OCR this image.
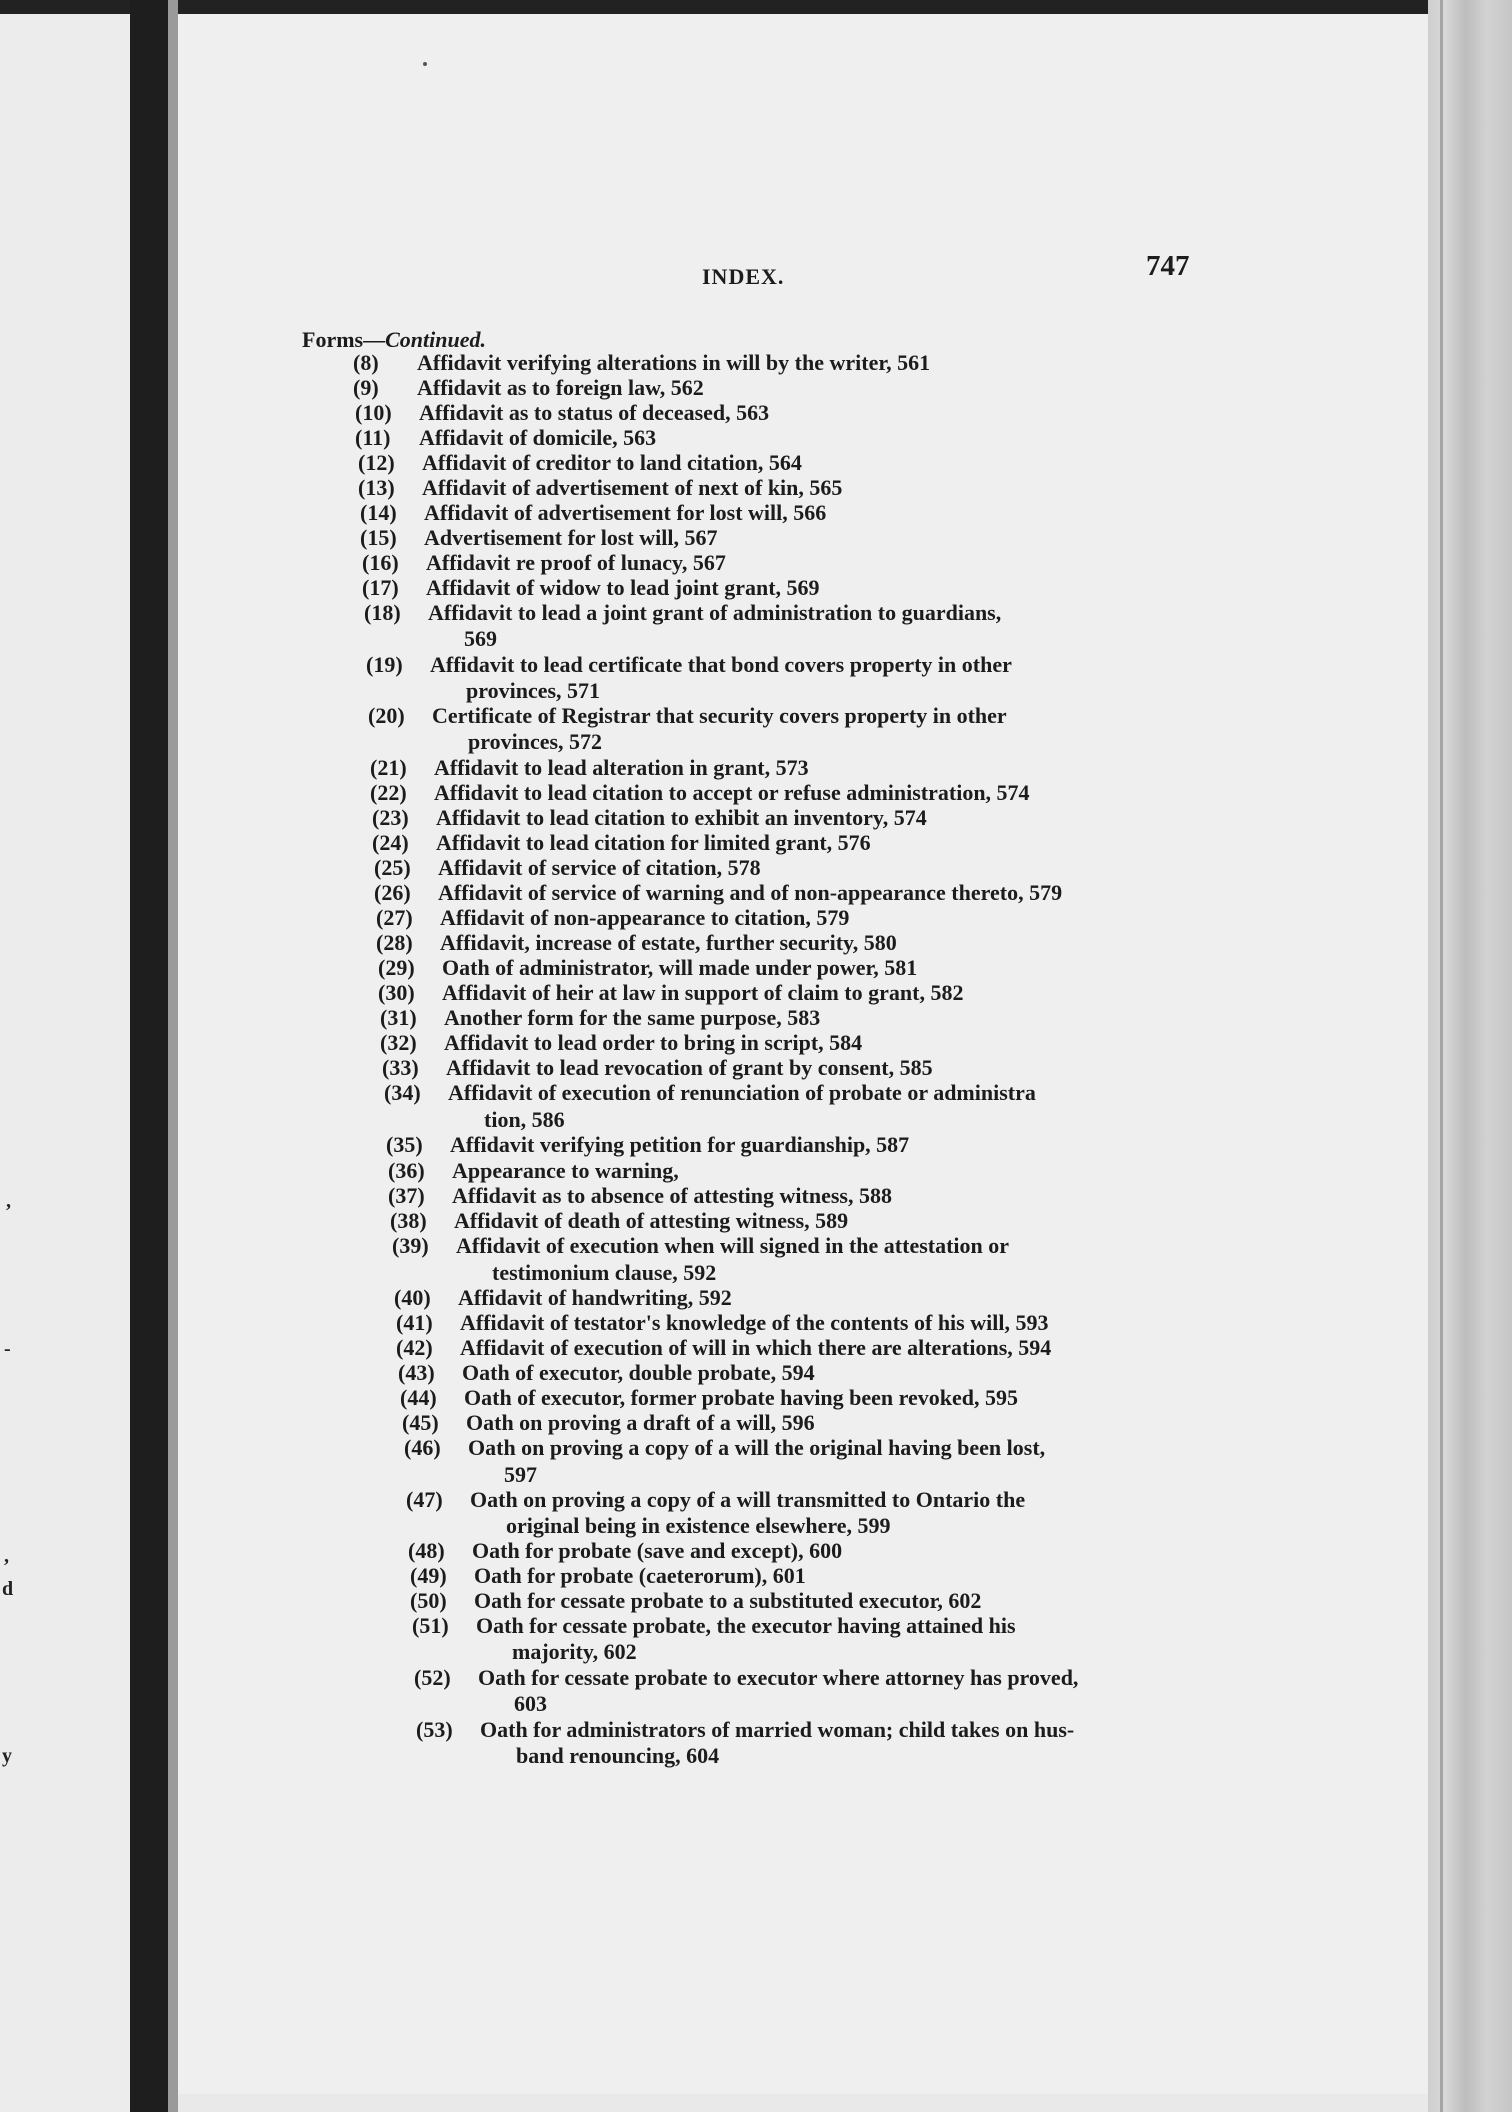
,
-
,
d
y
INDEX.	747
Forms—Continued.
(8) Affidavit verifying alterations in will by the writer, 561
(9) Affidavit as to foreign law, 562
(10) Affidavit as to status of deceased, 563
(11) Affidavit of domicile, 563
(12) Affidavit of creditor to land citation, 564
(13) Affidavit of advertisement of next of kin, 565
(14) Affidavit of advertisement for lost will, 566
(15) Advertisement for lost will, 567
(16) Affidavit re proof of lunacy, 567
(17) Affidavit of widow to lead joint grant, 569
(18) Affidavit to lead a joint grant of administration to guardians,
569
(19) Affidavit to lead certificate that bond covers property in other
provinces, 571
(20) Certificate of Registrar that security covers property in other
provinces, 572
(21) Affidavit to lead alteration in grant, 573
(22) Affidavit to lead citation to accept or refuse administration, 574
(23) Affidavit to lead citation to exhibit an inventory, 574
(24) Affidavit to lead citation for limited grant, 576
(25) Affidavit of service of citation, 578
(26) Affidavit of service of warning and of non-appearance thereto, 579
(27) Affidavit of non-appearance to citation, 579
(28) Affidavit, increase of estate, further security, 580
(29) Oath of administrator, will made under power, 581
(30) Affidavit of heir at law in support of claim to grant, 582
(31) Another form for the same purpose, 583
(32) Affidavit to lead order to bring in script, 584
(33) Affidavit to lead revocation of grant by consent, 585
(34) Affidavit of execution of renunciation of probate or administra
tion, 586
(35) Affidavit verifying petition for guardianship, 587
(36) Appearance to warning,
(37) Affidavit as to absence of attesting witness, 588
(38) Affidavit of death of attesting witness, 589
(39) Affidavit of execution when will signed in the attestation or
testimonium clause, 592
(40) Affidavit of handwriting, 592
(41) Affidavit of testator's knowledge of the contents of his will, 593
(42) Affidavit of execution of will in which there are alterations, 594
(43) Oath of executor, double probate, 594
(44) Oath of executor, former probate having been revoked, 595
(45) Oath on proving a draft of a will, 596
(46) Oath on proving a copy of a will the original having been lost,
597
(47) Oath on proving a copy of a will transmitted to Ontario the
original being in existence elsewhere, 599
(48) Oath for probate (save and except), 600
(49) Oath for probate (caeterorum), 601
(50) Oath for cessate probate to a substituted executor, 602
(51) Oath for cessate probate, the executor having attained his
majority, 602
(52) Oath for cessate probate to executor where attorney has proved,
603
(53) Oath for administrators of married woman; child takes on hus-
band renouncing, 604
